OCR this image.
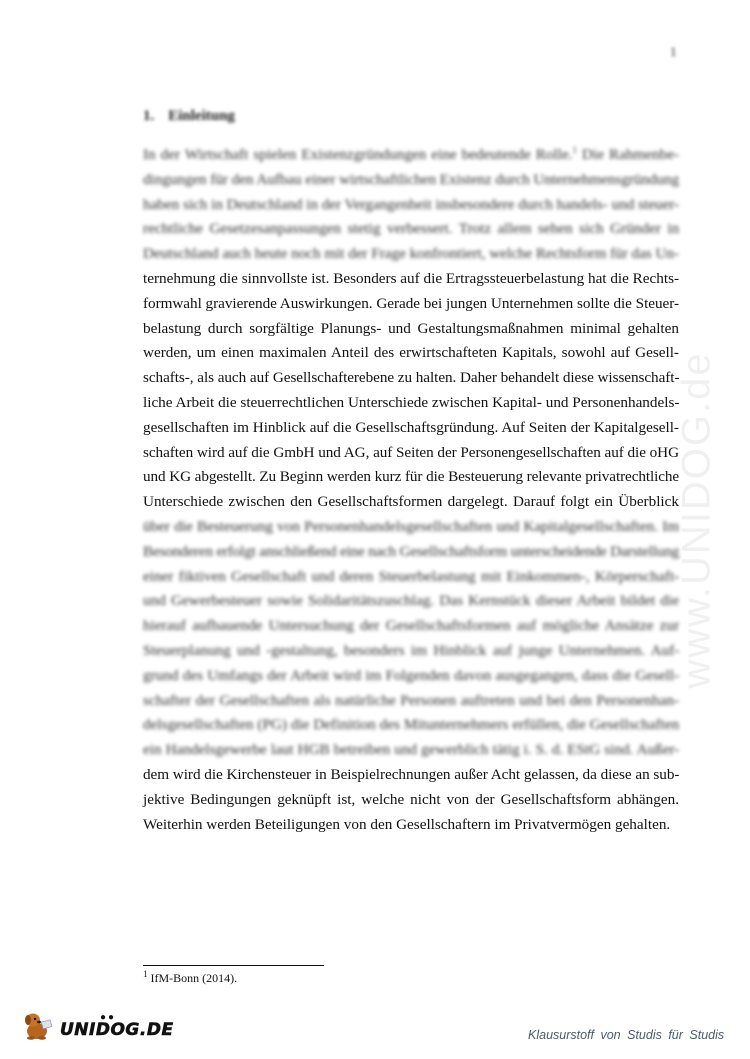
1
1. Einleitung
In der Wirtschaft spielen Existenzgründungen eine bedeutende Rolle.$^1$ Die Rahmenbe-
dingungen für den Aufbau einer wirtschaftlichen Existenz durch Unternehmensgründung
haben sich in Deutschland in der Vergangenheit insbesondere durch handels- und steuer-
rechtliche Gesetzesanpassungen stetig verbessert. Trotz allem sehen sich Gründer in
Deutschland auch heute noch mit der Frage konfrontiert, welche Rechtsform für das Un-
ternehmung die sinnvollste ist. Besonders auf die Ertragssteuerbelastung hat die Rechts-
formwahl gravierende Auswirkungen. Gerade bei jungen Unternehmen sollte die Steuer-
belastung durch sorgfältige Planungs- und Gestaltungsmaßnahmen minimal gehalten
werden, um einen maximalen Anteil des erwirtschafteten Kapitals, sowohl auf Gesell-
schafts-, als auch auf Gesellschafterebene zu halten. Daher behandelt diese wissenschaft-
liche Arbeit die steuerrechtlichen Unterschiede zwischen Kapital- und Personenhandels-
gesellschaften im Hinblick auf die Gesellschaftsgründung. Auf Seiten der Kapitalgesell-
schaften wird auf die GmbH und AG, auf Seiten der Personengesellschaften auf die oHG
und KG abgestellt. Zu Beginn werden kurz für die Besteuerung relevante privatrechtliche
Unterschiede zwischen den Gesellschaftsformen dargelegt. Darauf folgt ein Überblick
über die Besteuerung von Personenhandelsgesellschaften und Kapitalgesellschaften. Im
Besonderen erfolgt anschließend eine nach Gesellschaftsform unterscheidende Darstellung
einer fiktiven Gesellschaft und deren Steuerbelastung mit Einkommen-, Körperschaft-
und Gewerbesteuer sowie Solidaritätszuschlag. Das Kernstück dieser Arbeit bildet die
hierauf aufbauende Untersuchung der Gesellschaftsformen auf mögliche Ansätze zur
Steuerplanung und -gestaltung, besonders im Hinblick auf junge Unternehmen. Auf-
grund des Umfangs der Arbeit wird im Folgenden davon ausgegangen, dass die Gesell-
schafter der Gesellschaften als natürliche Personen auftreten und bei den Personenhan-
delsgesellschaften (PG) die Definition des Mitunternehmers erfüllen, die Gesellschaften
ein Handelsgewerbe laut HGB betreiben und gewerblich tätig i. S. d. EStG sind. Außer-
dem wird die Kirchensteuer in Beispielrechnungen außer Acht gelassen, da diese an sub-
jektive Bedingungen geknüpft ist, welche nicht von der Gesellschaftsform abhängen.
Weiterhin werden Beteiligungen von den Gesellschaftern im Privatvermögen gehalten.
$^1$ IfM-Bonn (2014).
www.UNIDOG.de
● ●
UNIDOG.DE	Klausurstoff von Studis für Studis
